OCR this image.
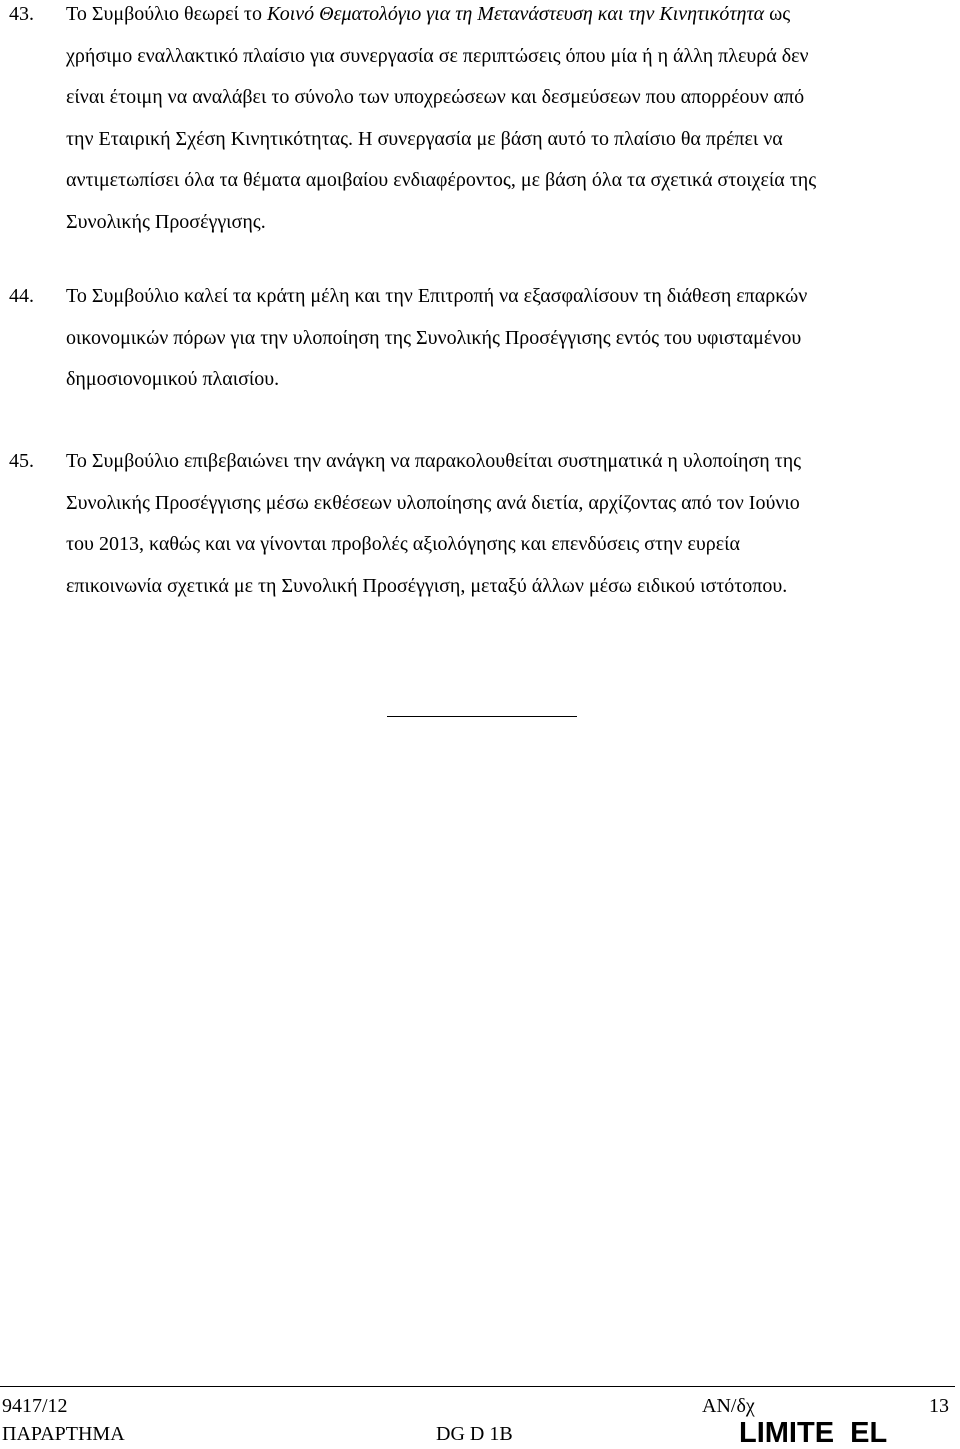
43. Το Συμβούλιο θεωρεί το Κοινό Θεματολόγιο για τη Μετανάστευση και την Κινητικότητα ως
χρήσιμο εναλλακτικό πλαίσιο για συνεργασία σε περιπτώσεις όπου μία ή η άλλη πλευρά δεν
είναι έτοιμη να αναλάβει το σύνολο των υποχρεώσεων και δεσμεύσεων που απορρέουν από
την Εταιρική Σχέση Κινητικότητας. Η συνεργασία με βάση αυτό το πλαίσιο θα πρέπει να
αντιμετωπίσει όλα τα θέματα αμοιβαίου ενδιαφέροντος, με βάση όλα τα σχετικά στοιχεία της
Συνολικής Προσέγγισης.
44. Το Συμβούλιο καλεί τα κράτη μέλη και την Επιτροπή να εξασφαλίσουν τη διάθεση επαρκών
οικονομικών πόρων για την υλοποίηση της Συνολικής Προσέγγισης εντός του υφισταμένου
δημοσιονομικού πλαισίου.
45. Το Συμβούλιο επιβεβαιώνει την ανάγκη να παρακολουθείται συστηματικά η υλοποίηση της
Συνολικής Προσέγγισης μέσω εκθέσεων υλοποίησης ανά διετία, αρχίζοντας από τον Ιούνιο
του 2013, καθώς και να γίνονται προβολές αξιολόγησης και επενδύσεις στην ευρεία
επικοινωνία σχετικά με τη Συνολική Προσέγγιση, μεταξύ άλλων μέσω ειδικού ιστότοπου.
9417/12
ΠΑΡΑΡΤΗΜΑ	DG D 1B
ΑΝ/δχ	13
LIMITE  EL
